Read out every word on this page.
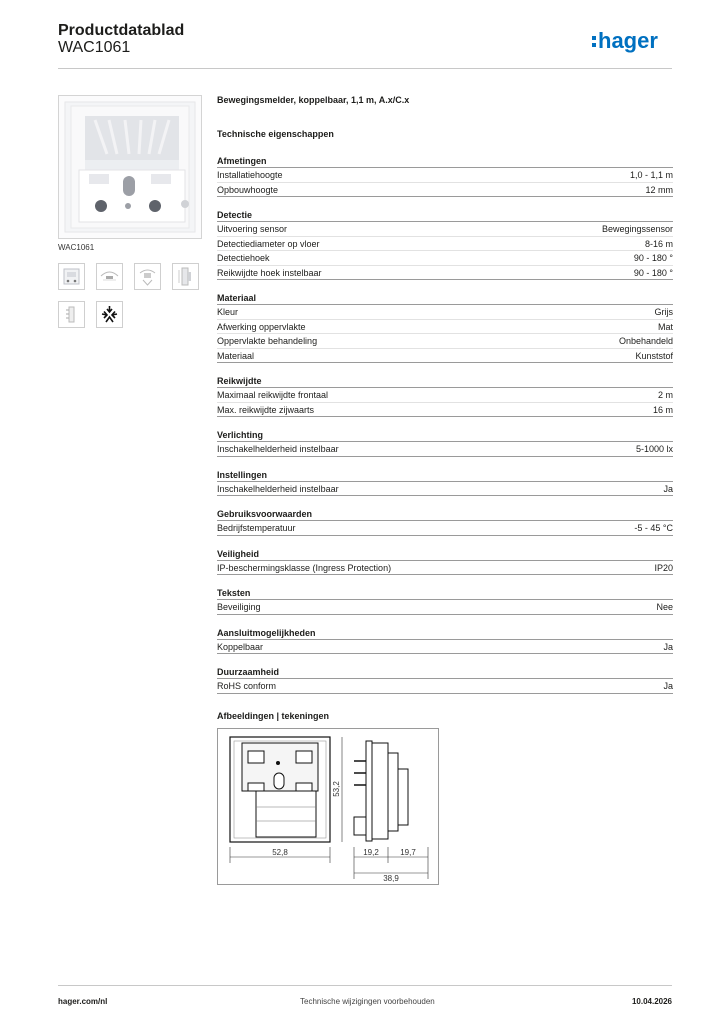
Productdatablad
WAC1061	hager
WAC1061
Bewegingsmelder, koppelbaar, 1,1 m, A.x/C.x
Technische eigenschappen
Afmetingen
Installatiehoogte	1,0 - 1,1 m
Opbouwhoogte	12 mm
Detectie
Uitvoering sensor	Bewegingssensor
Detectiediameter op vloer	8-16 m
Detectiehoek	90 - 180 °
Reikwijdte hoek instelbaar	90 - 180 °
Materiaal
Kleur	Grijs
Afwerking oppervlakte	Mat
Oppervlakte behandeling	Onbehandeld
Materiaal	Kunststof
Reikwijdte
Maximaal reikwijdte frontaal	2 m
Max. reikwijdte zijwaarts	16 m
Verlichting
Inschakelhelderheid instelbaar	5-1000 lx
Instellingen
Inschakelhelderheid instelbaar	Ja
Gebruiksvoorwaarden
Bedrijfstemperatuur	-5 - 45 °C
Veiligheid
IP-beschermingsklasse (Ingress Protection)	IP20
Teksten
Beveiliging	Nee
Aansluitmogelijkheden
Koppelbaar	Ja
Duurzaamheid
RoHS conform	Ja
Afbeeldingen | tekeningen
52,8
53,2
19,2	19,7
38,9
hager.com/nl	Technische wijzigingen voorbehouden	10.04.2026
